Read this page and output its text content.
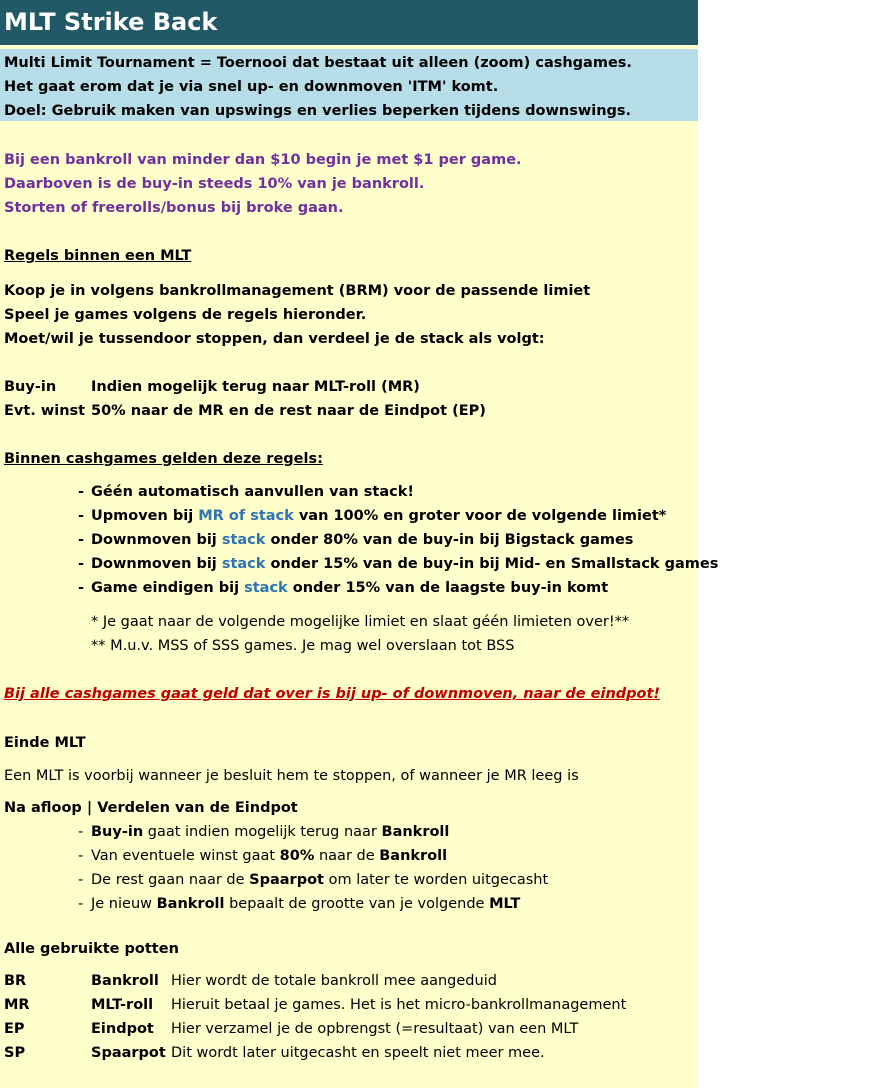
MLT Strike Back
Multi Limit Tournament = Toernooi dat bestaat uit alleen (zoom) cashgames.
Het gaat erom dat je via snel up- en downmoven 'ITM' komt.
Doel: Gebruik maken van upswings en verlies beperken tijdens downswings.
Bij een bankroll van minder dan $10 begin je met $1 per game.
Daarboven is de buy-in steeds 10% van je bankroll.
Storten of freerolls/bonus bij broke gaan.
Regels binnen een MLT
Koop je in volgens bankrollmanagement (BRM) voor de passende limiet
Speel je games volgens de regels hieronder.
Moet/wil je tussendoor stoppen, dan verdeel je de stack als volgt:
Buy-in Indien mogelijk terug naar MLT-roll (MR)
Evt. winst 50% naar de MR en de rest naar de Eindpot (EP)
Binnen cashgames gelden deze regels:
- Géén automatisch aanvullen van stack!
- Upmoven bij MR of stack van 100% en groter voor de volgende limiet*
- Downmoven bij stack onder 80% van de buy-in bij Bigstack games
- Downmoven bij stack onder 15% van de buy-in bij Mid- en Smallstack games
- Game eindigen bij stack onder 15% van de laagste buy-in komt
* Je gaat naar de volgende mogelijke limiet en slaat géén limieten over!**
** M.u.v. MSS of SSS games. Je mag wel overslaan tot BSS
Bij alle cashgames gaat geld dat over is bij up- of downmoven, naar de eindpot!
Einde MLT
Een MLT is voorbij wanneer je besluit hem te stoppen, of wanneer je MR leeg is
Na afloop | Verdelen van de Eindpot
- Buy-in gaat indien mogelijk terug naar Bankroll
- Van eventuele winst gaat 80% naar de Bankroll
- De rest gaan naar de Spaarpot om later te worden uitgecasht
- Je nieuw Bankroll bepaalt de grootte van je volgende MLT
Alle gebruikte potten
BR	Bankroll Hier wordt de totale bankroll mee aangeduid
MR	MLT-roll Hieruit betaal je games. Het is het micro-bankrollmanagement
EP	Eindpot Hier verzamel je de opbrengst (=resultaat) van een MLT
SP	Spaarpot Dit wordt later uitgecasht en speelt niet meer mee.
